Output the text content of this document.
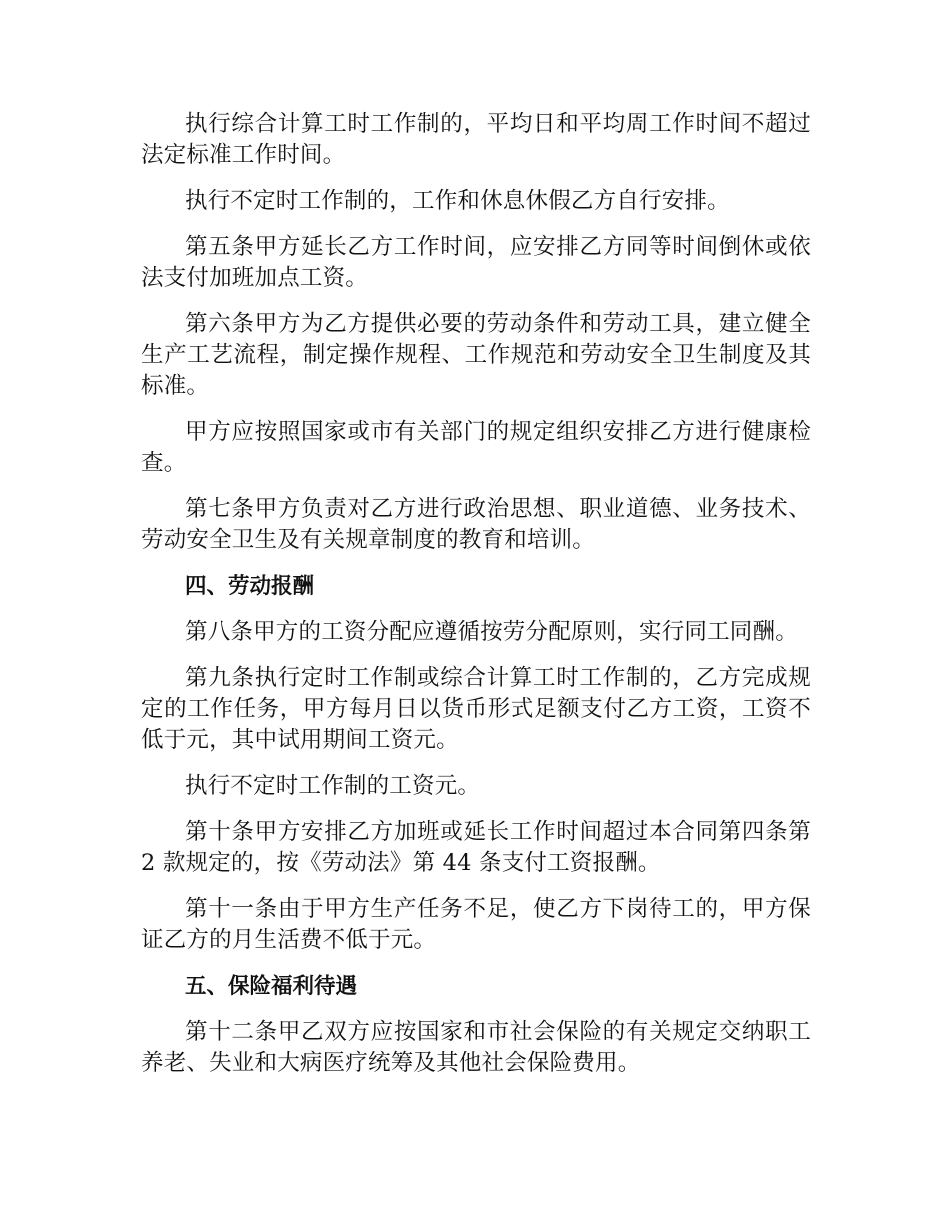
执行综合计算工时工作制的，平均日和平均周工作时间不超过法定标准工作时间。

执行不定时工作制的，工作和休息休假乙方自行安排。

第五条甲方延长乙方工作时间，应安排乙方同等时间倒休或依法支付加班加点工资。

第六条甲方为乙方提供必要的劳动条件和劳动工具，建立健全生产工艺流程，制定操作规程、工作规范和劳动安全卫生制度及其标准。

甲方应按照国家或市有关部门的规定组织安排乙方进行健康检查。

第七条甲方负责对乙方进行政治思想、职业道德、业务技术、劳动安全卫生及有关规章制度的教育和培训。

四、劳动报酬

第八条甲方的工资分配应遵循按劳分配原则，实行同工同酬。

第九条执行定时工作制或综合计算工时工作制的，乙方完成规定的工作任务，甲方每月日以货币形式足额支付乙方工资，工资不低于元，其中试用期间工资元。

执行不定时工作制的工资元。

第十条甲方安排乙方加班或延长工作时间超过本合同第四条第 2 款规定的，按《劳动法》第 44 条支付工资报酬。

第十一条由于甲方生产任务不足，使乙方下岗待工的，甲方保证乙方的月生活费不低于元。

五、保险福利待遇

第十二条甲乙双方应按国家和市社会保险的有关规定交纳职工养老、失业和大病医疗统筹及其他社会保险费用。
